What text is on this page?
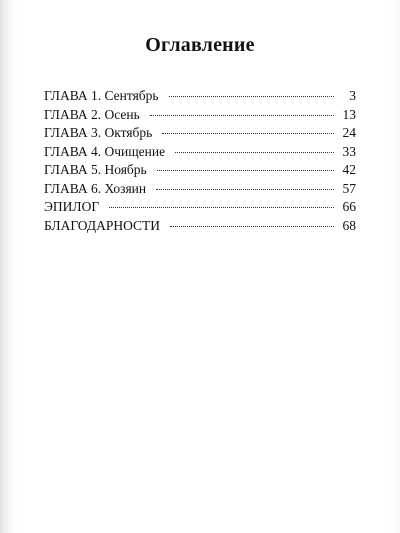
Оглавление
ГЛАВА 1. Сентябрь	3
ГЛАВА 2. Осень	13
ГЛАВА 3. Октябрь	24
ГЛАВА 4. Очищение	33
ГЛАВА 5. Ноябрь	42
ГЛАВА 6. Хозяин	57
ЭПИЛОГ	66
БЛАГОДАРНОСТИ	68
